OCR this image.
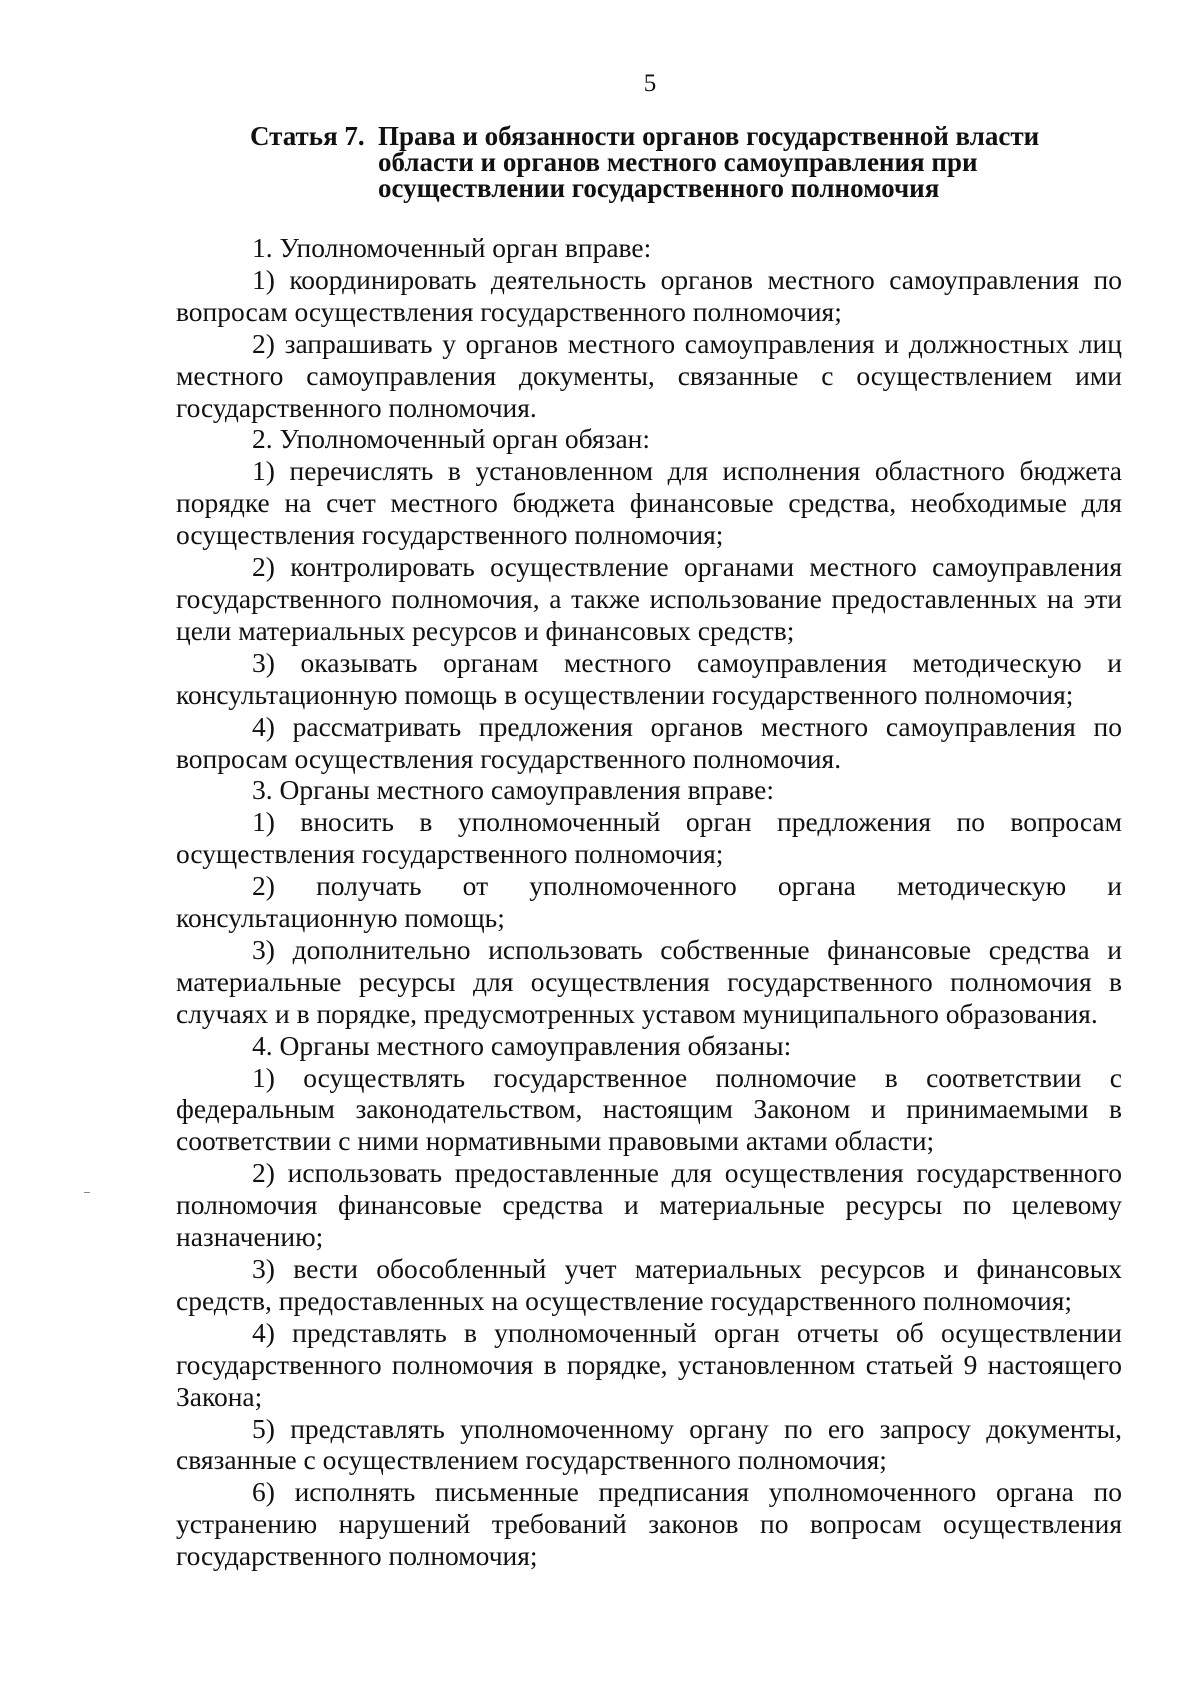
5
Статья 7. Права и обязанности органов государственной власти
области и органов местного самоуправления при
осуществлении государственного полномочия

1. Уполномоченный орган вправе:

1) координировать деятельность органов местного самоуправления по вопросам осуществления государственного полномочия;

2) запрашивать у органов местного самоуправления и должностных лиц местного самоуправления документы, связанные с осуществлением ими государственного полномочия.

2. Уполномоченный орган обязан:

1) перечислять в установленном для исполнения областного бюджета порядке на счет местного бюджета финансовые средства, необходимые для осуществления государственного полномочия;

2) контролировать осуществление органами местного самоуправления государственного полномочия, а также использование предоставленных на эти цели материальных ресурсов и финансовых средств;

3) оказывать органам местного самоуправления методическую и консультационную помощь в осуществлении государственного полномочия;

4) рассматривать предложения органов местного самоуправления по вопросам осуществления государственного полномочия.

3. Органы местного самоуправления вправе:

1) вносить в уполномоченный орган предложения по вопросам осуществления государственного полномочия;

2) получать от уполномоченного органа методическую и консультационную помощь;

3) дополнительно использовать собственные финансовые средства и материальные ресурсы для осуществления государственного полномочия в случаях и в порядке, предусмотренных уставом муниципального образования.

4. Органы местного самоуправления обязаны:

1) осуществлять государственное полномочие в соответствии с федеральным законодательством, настоящим Законом и принимаемыми в соответствии с ними нормативными правовыми актами области;

2) использовать предоставленные для осуществления государственного полномочия финансовые средства и материальные ресурсы по целевому назначению;

3) вести обособленный учет материальных ресурсов и финансовых средств, предоставленных на осуществление государственного полномочия;

4) представлять в уполномоченный орган отчеты об осуществлении государственного полномочия в порядке, установленном статьей 9 настоящего Закона;

5) представлять уполномоченному органу по его запросу документы, связанные с осуществлением государственного полномочия;

6) исполнять письменные предписания уполномоченного органа по устранению нарушений требований законов по вопросам осуществления государственного полномочия;
